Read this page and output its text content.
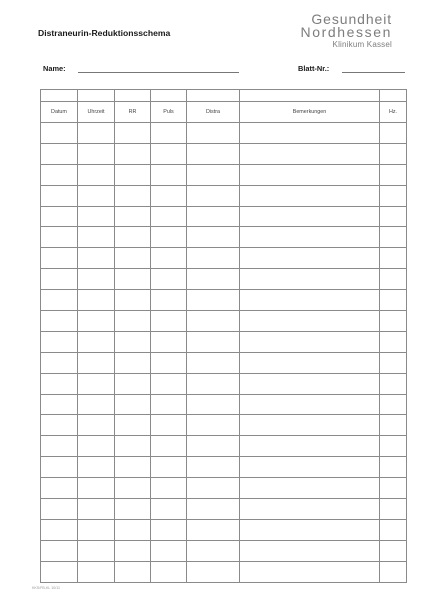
Distraneurin-Reduktionsschema
Gesundheit
Nordhessen
Klinikum Kassel
Name:	Blatt-Nr.:

Datum	Uhrzeit	RR	Puls	Distra	Bemerkungen	Hz.

KKS/FB-KL 10/11
